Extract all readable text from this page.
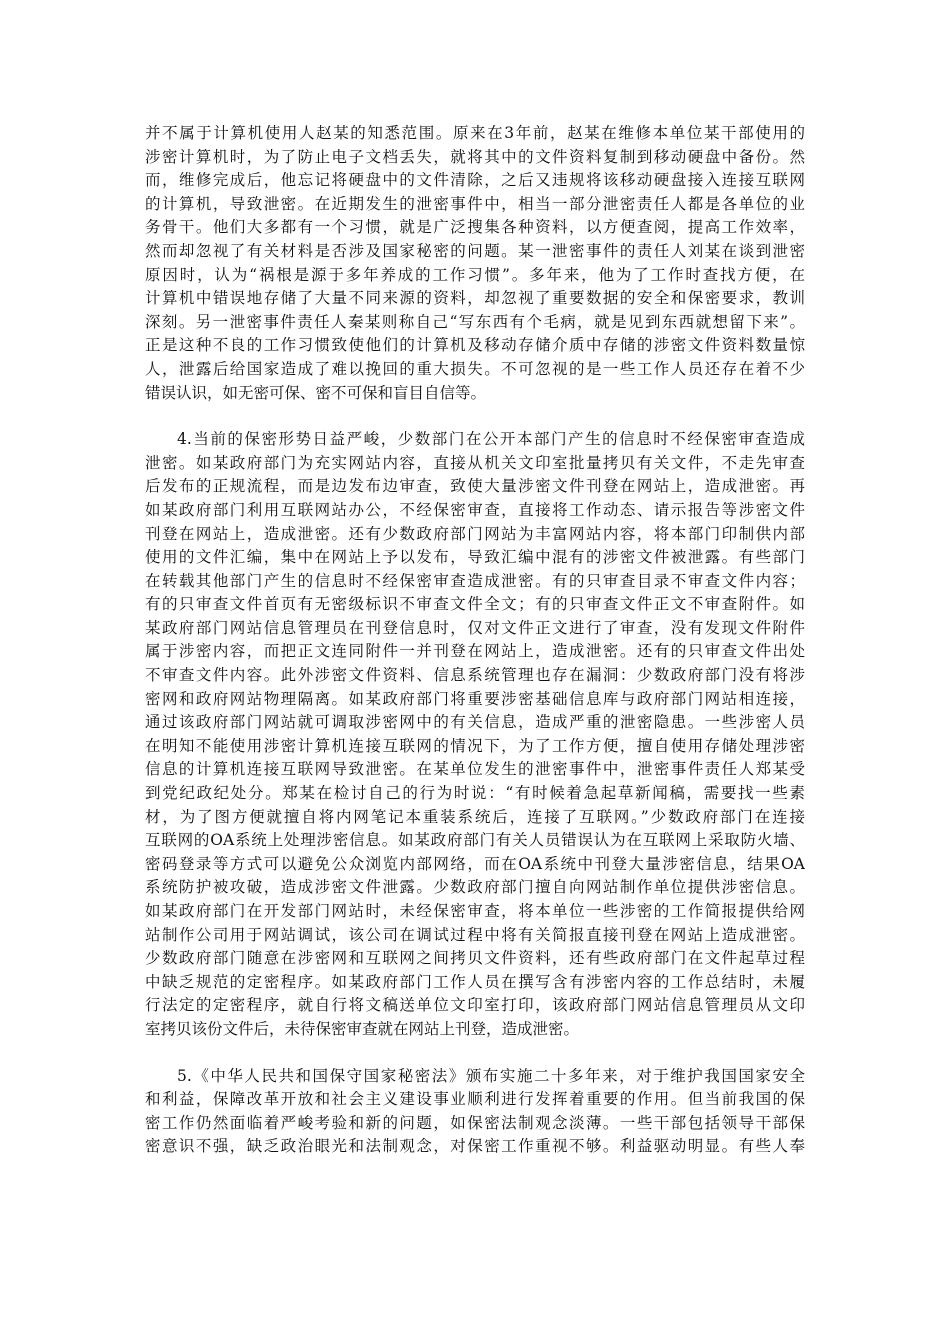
并不属于计算机使用人赵某的知悉范围。原来在3年前，赵某在维修本单位某干部使用的
涉密计算机时，为了防止电子文档丢失，就将其中的文件资料复制到移动硬盘中备份。然
而，维修完成后，他忘记将硬盘中的文件清除，之后又违规将该移动硬盘接入连接互联网
的计算机，导致泄密。在近期发生的泄密事件中，相当一部分泄密责任人都是各单位的业
务骨干。他们大多都有一个习惯，就是广泛搜集各种资料，以方便查阅，提高工作效率，
然而却忽视了有关材料是否涉及国家秘密的问题。某一泄密事件的责任人刘某在谈到泄密
原因时，认为“祸根是源于多年养成的工作习惯”。多年来，他为了工作时查找方便，在
计算机中错误地存储了大量不同来源的资料，却忽视了重要数据的安全和保密要求，教训
深刻。另一泄密事件责任人秦某则称自己“写东西有个毛病，就是见到东西就想留下来”。
正是这种不良的工作习惯致使他们的计算机及移动存储介质中存储的涉密文件资料数量惊
人，泄露后给国家造成了难以挽回的重大损失。不可忽视的是一些工作人员还存在着不少
错误认识，如无密可保、密不可保和盲目自信等。
4.当前的保密形势日益严峻，少数部门在公开本部门产生的信息时不经保密审查造成
泄密。如某政府部门为充实网站内容，直接从机关文印室批量拷贝有关文件，不走先审查
后发布的正规流程，而是边发布边审查，致使大量涉密文件刊登在网站上，造成泄密。再
如某政府部门利用互联网站办公，不经保密审查，直接将工作动态、请示报告等涉密文件
刊登在网站上，造成泄密。还有少数政府部门网站为丰富网站内容，将本部门印制供内部
使用的文件汇编，集中在网站上予以发布，导致汇编中混有的涉密文件被泄露。有些部门
在转载其他部门产生的信息时不经保密审查造成泄密。有的只审查目录不审查文件内容；
有的只审查文件首页有无密级标识不审查文件全文；有的只审查文件正文不审查附件。如
某政府部门网站信息管理员在刊登信息时，仅对文件正文进行了审查，没有发现文件附件
属于涉密内容，而把正文连同附件一并刊登在网站上，造成泄密。还有的只审查文件出处
不审查文件内容。此外涉密文件资料、信息系统管理也存在漏洞：少数政府部门没有将涉
密网和政府网站物理隔离。如某政府部门将重要涉密基础信息库与政府部门网站相连接，
通过该政府部门网站就可调取涉密网中的有关信息，造成严重的泄密隐患。一些涉密人员
在明知不能使用涉密计算机连接互联网的情况下，为了工作方便，擅自使用存储处理涉密
信息的计算机连接互联网导致泄密。在某单位发生的泄密事件中，泄密事件责任人郑某受
到党纪政纪处分。郑某在检讨自己的行为时说：“有时候着急起草新闻稿，需要找一些素
材，为了图方便就擅自将内网笔记本重装系统后，连接了互联网。”少数政府部门在连接
互联网的OA系统上处理涉密信息。如某政府部门有关人员错误认为在互联网上采取防火墙、
密码登录等方式可以避免公众浏览内部网络，而在OA系统中刊登大量涉密信息，结果OA
系统防护被攻破，造成涉密文件泄露。少数政府部门擅自向网站制作单位提供涉密信息。
如某政府部门在开发部门网站时，未经保密审查，将本单位一些涉密的工作简报提供给网
站制作公司用于网站调试，该公司在调试过程中将有关简报直接刊登在网站上造成泄密。
少数政府部门随意在涉密网和互联网之间拷贝文件资料，还有些政府部门在文件起草过程
中缺乏规范的定密程序。如某政府部门工作人员在撰写含有涉密内容的工作总结时，未履
行法定的定密程序，就自行将文稿送单位文印室打印，该政府部门网站信息管理员从文印
室拷贝该份文件后，未待保密审查就在网站上刊登，造成泄密。
5.《中华人民共和国保守国家秘密法》颁布实施二十多年来，对于维护我国国家安全
和利益，保障改革开放和社会主义建设事业顺利进行发挥着重要的作用。但当前我国的保
密工作仍然面临着严峻考验和新的问题，如保密法制观念淡薄。一些干部包括领导干部保
密意识不强，缺乏政治眼光和法制观念，对保密工作重视不够。利益驱动明显。有些人奉
